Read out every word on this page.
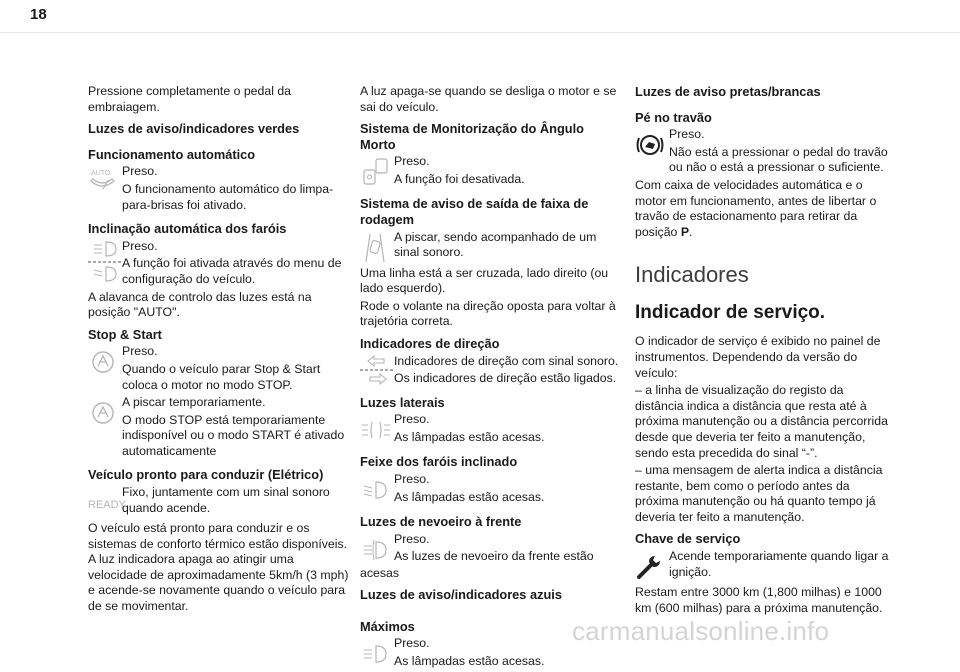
18

Pressione completamente o pedal da embraiagem.

Luzes de aviso/indicadores verdes
Funcionamento automático
AUTO Preso.

O funcionamento automático do limpa-para-brisas foi ativado.

Inclinação automática dos faróis

Preso.

A função foi ativada através do menu de configuração do veículo.

A alavanca de controlo das luzes está na posição "AUTO".

Stop & Start

Preso.

Quando o veículo parar Stop & Start coloca o motor no modo STOP.

A piscar temporariamente.

O modo STOP está temporariamente indisponível ou o modo START é ativado automaticamente

Veículo pronto para conduzir (Elétrico)
READY

Fixo, juntamente com um sinal sonoro quando acende.

O veículo está pronto para conduzir e os sistemas de conforto térmico estão disponíveis. A luz indicadora apaga ao atingir uma velocidade de aproximadamente 5km/h (3 mph) e acende-se novamente quando o veículo para de se movimentar.

A luz apaga-se quando se desliga o motor e se sai do veículo.

Sistema de Monitorização do Ângulo Morto

Preso.

A função foi desativada.

Sistema de aviso de saída de faixa de rodagem

A piscar, sendo acompanhado de um sinal sonoro.

Uma linha está a ser cruzada, lado direito (ou lado esquerdo).

Rode o volante na direção oposta para voltar à trajetória correta.

Indicadores de direção

Indicadores de direção com sinal sonoro.

Os indicadores de direção estão ligados.

Luzes laterais

Preso.

As lâmpadas estão acesas.

Feixe dos faróis inclinado

Preso.

As lâmpadas estão acesas.

Luzes de nevoeiro à frente

Preso.

As luzes de nevoeiro da frente estão

acesas

Luzes de aviso/indicadores azuis
Máximos

Preso.

As lâmpadas estão acesas.

Luzes de aviso pretas/brancas
Pé no travão

Preso.

Não está a pressionar o pedal do travão ou não o está a pressionar o suficiente.

Com caixa de velocidades automática e o motor em funcionamento, antes de libertar o travão de estacionamento para retirar da posição P.

Indicadores
Indicador de serviço.

O indicador de serviço é exibido no painel de instrumentos. Dependendo da versão do veículo:

– a linha de visualização do registo da distância indica a distância que resta até à próxima manutenção ou a distância percorrida desde que deveria ter feito a manutenção, sendo esta precedida do sinal “-”.

– uma mensagem de alerta indica a distância restante, bem como o período antes da próxima manutenção ou há quanto tempo já deveria ter feito a manutenção.

Chave de serviço

Acende temporariamente quando ligar a ignição.

Restam entre 3000 km (1,800 milhas) e 1000 km (600 milhas) para a próxima manutenção.

carmanualsonline.info
